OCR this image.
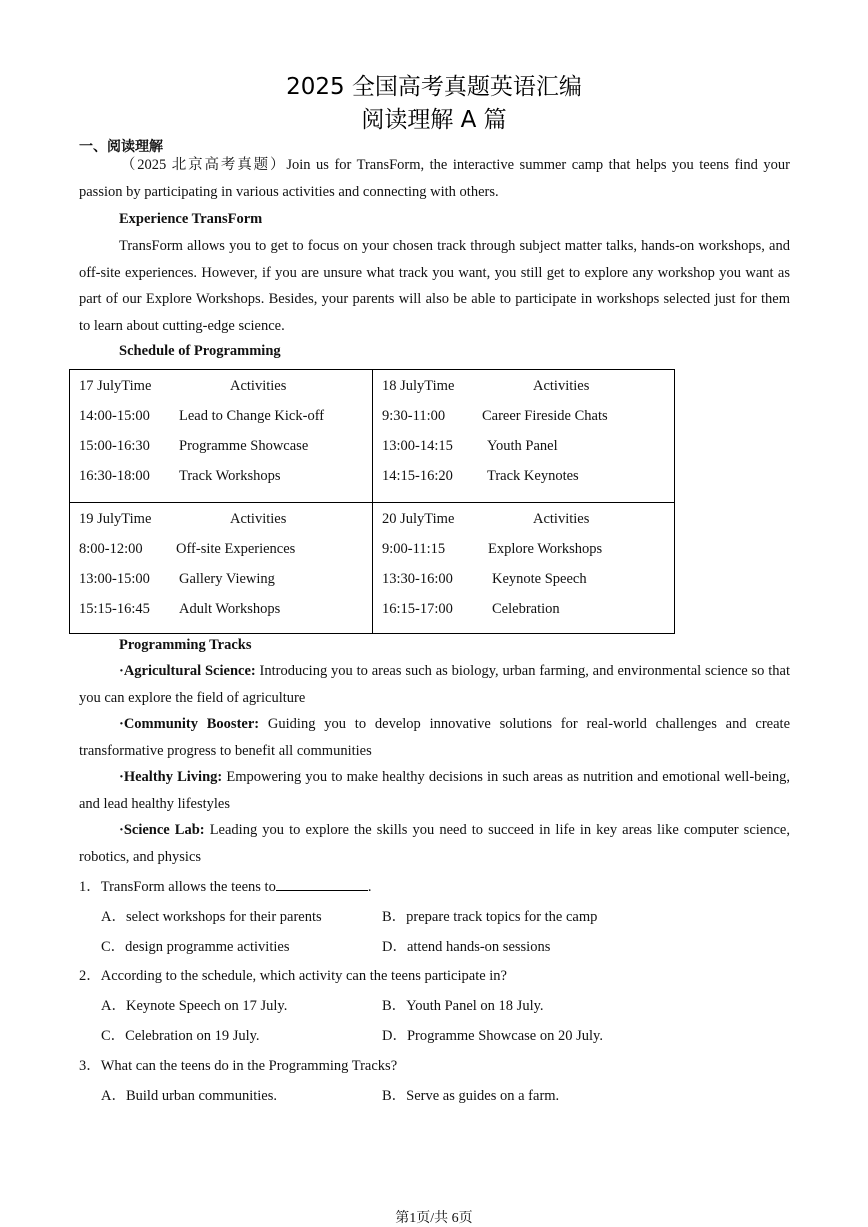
2025 全国高考真题英语汇编
阅读理解 A 篇
一、阅读理解
（2025 北京高考真题）Join us for TransForm, the interactive summer camp that helps you teens find your passion by participating in various activities and connecting with others.
Experience TransForm
TransForm allows you to get to focus on your chosen track through subject matter talks, hands-on workshops, and off-site experiences. However, if you are unsure what track you want, you still get to explore any workshop you want as part of our Explore Workshops. Besides, your parents will also be able to participate in workshops selected just for them to learn about cutting-edge science.
Schedule of Programming
17 JulyTime	Activities
14:00-15:00 Lead to Change Kick-off
15:00-16:30 Programme Showcase
16:30-18:00 Track Workshops
18 JulyTime	Activities
9:30-11:00	Career Fireside Chats
13:00-14:15 Youth Panel
14:15-16:20 Track Keynotes
19 JulyTime	Activities
8:00-12:00 Off-site Experiences
13:00-15:00 Gallery Viewing
15:15-16:45 Adult Workshops
20 JulyTime	Activities
9:00-11:15	Explore Workshops
13:30-16:00	Keynote Speech
16:15-17:00	Celebration
Programming Tracks
·Agricultural Science: Introducing you to areas such as biology, urban farming, and environmental science so that you can explore the field of agriculture
·Community Booster: Guiding you to develop innovative solutions for real-world challenges and create transformative progress to benefit all communities
·Healthy Living: Empowering you to make healthy decisions in such areas as nutrition and emotional well-being, and lead healthy lifestyles
·Science Lab: Leading you to explore the skills you need to succeed in life in key areas like computer science, robotics, and physics
1．TransForm allows the teens to	.
A．select workshops for their parents	B．prepare track topics for the camp
C．design programme activities	D．attend hands-on sessions
2．According to the schedule, which activity can the teens participate in?
A．Keynote Speech on 17 July.	B．Youth Panel on 18 July.
C．Celebration on 19 July.	D．Programme Showcase on 20 July.
3．What can the teens do in the Programming Tracks?
A．Build urban communities.	B．Serve as guides on a farm.
第1页/共 6页
